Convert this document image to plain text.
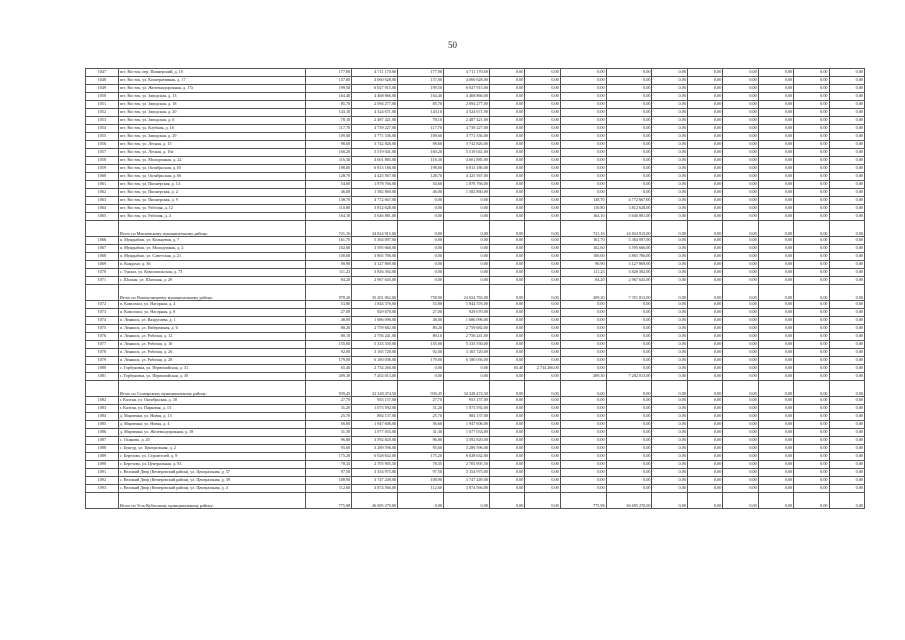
50
1047	пгт. Восток, пер. Пионерский, д. 10	177,00	4 711 170,60	177,00	4 711 170,60	0,00	0,00	0,00	0,00	0,00	0,00	0,00	0,00	0,00	0,00
1048	пгт. Восток, ул. Кооперативная, д. 17	157,00	4 060 628,00	157,00	4 060 628,00	0,00	0,00	0,00	0,00	0,00	0,00	0,00	0,00	0,00	0,00
1049	пгт. Восток, ул. Железнодорожная, д. 17а	199,50	6 027 915,00	199,50	6 027 915,00	0,00	0,00	0,00	0,00	0,00	0,00	0,00	0,00	0,00	0,00
1050	пгт. Восток, ул. Заводская, д. 13	164,40	4 468 866,00	164,40	4 468 866,00	0,00	0,00	0,00	0,00	0,00	0,00	0,00	0,00	0,00	0,00
1051	пгт. Восток, ул. Заводская, д. 18	85,70	2 094 277,00	85,70	2 094 277,00	0,00	0,00	0,00	0,00	0,00	0,00	0,00	0,00	0,00	0,00
1052	пгт. Восток, ул. Заводская, д. 20	143,10	4 524 671,00	143,10	4 524 671,00	0,00	0,00	0,00	0,00	0,00	0,00	0,00	0,00	0,00	0,00
1053	пгт. Восток, ул. Заводская, д. 6	78,10	2 487 421,00	78,10	2 487 421,00	0,00	0,00	0,00	0,00	0,00	0,00	0,00	0,00	0,00	0,00
1054	пгт. Восток, ул. Клубная, д. 16	117,70	4 739 227,00	117,70	4 739 227,00	0,00	0,00	0,00	0,00	0,00	0,00	0,00	0,00	0,00	0,00
1055	пгт. Восток, ул. Заводская, д. 29	109,60	3 771 336,00	109,60	3 771 336,00	0,00	0,00	0,00	0,00	0,00	0,00	0,00	0,00	0,00	0,00
1056	пгт. Восток, ул. Лесная, д. 15	98,60	3 742 826,00	98,60	3 742 826,00	0,00	0,00	0,00	0,00	0,00	0,00	0,00	0,00	0,00	0,00
1057	пгт. Восток, ул. Лесная, д. 16а	160,20	5 519 041,00	160,20	5 519 041,00	0,00	0,00	0,00	0,00	0,00	0,00	0,00	0,00	0,00	0,00
1058	пгт. Восток, ул. Молодежная, д. 22	116,30	4 601 885,00	116,30	4 601 885,00	0,00	0,00	0,00	0,00	0,00	0,00	0,00	0,00	0,00	0,00
1059	пгт. Восток, ул. Октябрьская, д. 65	198,00	6 813 186,00	198,00	6 813 186,00	0,00	0,00	0,00	0,00	0,00	0,00	0,00	0,00	0,00	0,00
1060	пгт. Восток, ул. Октябрьская, д. 66	128,70	4 425 567,00	128,70	4 425 567,00	0,00	0,00	0,00	0,00	0,00	0,00	0,00	0,00	0,00	0,00
1061	пгт. Восток, ул. Пионерская, д. 14	54,60	1 878 766,00	54,60	1 878 766,00	0,00	0,00	0,00	0,00	0,00	0,00	0,00	0,00	0,00	0,00
1062	пгт. Восток, ул. Пионерская, д. 2	46,00	1 582 860,00	46,00	1 582 860,00	0,00	0,00	0,00	0,00	0,00	0,00	0,00	0,00	0,00	0,00
1063	пгт. Восток, ул. Пионерская, д. 9	138,70	4 772 667,00	0,00	0,00	0,00	0,00	138,70	4 772 667,00	0,00	0,00	0,00	0,00	0,00	0,00
1064	пгт. Восток, ул. Рабочая, д. 12	110,80	3 812 628,00	0,00	0,00	0,00	0,00	110,80	3 812 628,00	0,00	0,00	0,00	0,00	0,00	0,00
1065	пгт. Восток, ул. Рабочая, д. 4	164,10	5 646 881,00	0,00	0,00	0,00	0,00	164,10	5 646 881,00	0,00	0,00	0,00	0,00	0,00	0,00
	Итого по Мысковскому муниципальному району:	721,16	24 824 915,00	0,00	0,00	0,00	0,00	721,16	24 824 915,00	0,00	0,00	0,00	0,00	0,00	0,00
1066	п. Мундыбаш, ул. Кольцевая, д. 7	161,70	5 364 097,00	0,00	0,00	0,00	0,00	161,70	5 364 097,00	0,00	0,00	0,00	0,00	0,00	0,00
1067	п. Мундыбаш, ул. Молодежная, д. 2	102,60	3 595 666,00	0,00	0,00	0,00	0,00	102,60	3 595 666,00	0,00	0,00	0,00	0,00	0,00	0,00
1068	п. Мундыбаш, ул. Советская, д. 21	100,60	3 865 786,00	0,00	0,00	0,00	0,00	100,60	3 865 786,00	0,00	0,00	0,00	0,00	0,00	0,00
1069	п. Кондомо, д. 36	90,90	3 127 869,00	0,00	0,00	0,00	0,00	90,90	3 127 869,00	0,00	0,00	0,00	0,00	0,00	0,00
1070	с. Тунзал, ул. Комсомольская, д. 73	111,23	3 826 392,00	0,00	0,00	0,00	0,00	111,23	3 826 392,00	0,00	0,00	0,00	0,00	0,00	0,00
1071	с. Шалым, ул. Шахтная, д. 29	84,20	2 967 645,00	0,00	0,00	0,00	0,00	84,20	2 967 645,00	0,00	0,00	0,00	0,00	0,00	0,00
	Итого по Новокузнецкому муниципальному району:	978,20	35 201 062,00	758,90	24 654 765,00	0,00	0,00	209,30	7 351 813,00	0,00	0,00	0,00	0,00	0,00	0,00
1072	п. Комсомол, ул. Нагорная, д. 4	53,80	1 844 376,00	53,80	1 844 376,00	0,00	0,00	0,00	0,00	0,00	0,00	0,00	0,00	0,00	0,00
1073	п. Комсомол, ул. Нагорная, д. 8	27,00	929 670,00	27,00	929 670,00	0,00	0,00	0,00	0,00	0,00	0,00	0,00	0,00	0,00	0,00
1074	п. Ленинск, ул. Вахрушева, д. 1	48,00	1 686 096,00	48,00	1 686 096,00	0,00	0,00	0,00	0,00	0,00	0,00	0,00	0,00	0,00	0,00
1075	п. Ленинск, ул. Набережная, д. 6	80,20	2 759 682,00	80,20	2 759 682,00	0,00	0,00	0,00	0,00	0,00	0,00	0,00	0,00	0,00	0,00
1076	п. Ленинск, ул. Рабочая, д. 12	80,10	2 756 241,00	80,10	2 756 241,00	0,00	0,00	0,00	0,00	0,00	0,00	0,00	0,00	0,00	0,00
1077	п. Ленинск, ул. Рабочая, д. 10	155,00	5 333 550,00	155,00	5 333 550,00	0,00	0,00	0,00	0,00	0,00	0,00	0,00	0,00	0,00	0,00
1078	п. Ленинск, ул. Рабочая, д. 26	92,00	3 165 720,00	92,00	3 165 720,00	0,00	0,00	0,00	0,00	0,00	0,00	0,00	0,00	0,00	0,00
1079	п. Ленинск, ул. Рабочая, д. 28	179,00	6 180 036,00	179,00	6 180 036,00	0,00	0,00	0,00	0,00	0,00	0,00	0,00	0,00	0,00	0,00
1080	с. Горбуновка, ул. Первомайская, д. 31	65,40	2 734 266,00	0,00	0,00	65,40	2 734 266,00	0,00	0,00	0,00	0,00	0,00	0,00	0,00	0,00
1081	с. Горбуновка, ул. Первомайская, д. 30	209,30	7 202 013,00	0,00	0,00	0,00	0,00	209,30	7 202 013,00	0,00	0,00	0,00	0,00	0,00	0,00
	Итого по Салаирскому муниципальному району:	939,45	32 328 474,50	939,45	32 328 474,50	0,00	0,00	0,00	0,00	0,00	0,00	0,00	0,00	0,00	0,00
1082	г. Калтан, ул. Октябрьская, д. 30	27,70	953 157,00	27,70	953 157,00	0,00	0,00	0,00	0,00	0,00	0,00	0,00	0,00	0,00	0,00
1083	г. Калтан, ул. Парковая, д. 13	31,20	1 073 592,00	31,20	1 073 592,00	0,00	0,00	0,00	0,00	0,00	0,00	0,00	0,00	0,00	0,00
1084	д. Марченки, ул. Новая, д. 13	25,70	884 137,00	25,70	884 137,00	0,00	0,00	0,00	0,00	0,00	0,00	0,00	0,00	0,00	0,00
1085	д. Марченки, ул. Новая, д. 4	56,60	1 947 606,00	56,60	1 947 606,00	0,00	0,00	0,00	0,00	0,00	0,00	0,00	0,00	0,00	0,00
1086	д. Марченки, ул. Железнодорожная, д. 18	31,30	1 077 033,00	31,30	1 077 033,00	0,00	0,00	0,00	0,00	0,00	0,00	0,00	0,00	0,00	0,00
1087	с. Осиново, д. 20	96,80	3 592 820,00	96,80	3 592 820,00	0,00	0,00	0,00	0,00	0,00	0,00	0,00	0,00	0,00	0,00
1088	с. Бунгур, ул. Центральная, д. 2	95,60	3 289 596,00	95,60	3 289 596,00	0,00	0,00	0,00	0,00	0,00	0,00	0,00	0,00	0,00	0,00
1089	с. Березово, ул. Строителей, д. 9	175,20	6 028 632,00	175,20	6 028 632,00	0,00	0,00	0,00	0,00	0,00	0,00	0,00	0,00	0,00	0,00
1090	с. Березово, ул. Центральная, д. 83	78,35	2 705 905,50	78,35	2 705 905,50	0,00	0,00	0,00	0,00	0,00	0,00	0,00	0,00	0,00	0,00
1091	с. Великий Двор (Кемеровский район), ул. Центральная, д. 37	97,50	3 354 975,00	97,50	3 354 975,00	0,00	0,00	0,00	0,00	0,00	0,00	0,00	0,00	0,00	0,00
1092	с. Великий Двор (Кемеровский район), ул. Центральная, д. 39	108,90	3 747 249,00	108,90	3 747 249,00	0,00	0,00	0,00	0,00	0,00	0,00	0,00	0,00	0,00	0,00
1093	с. Великий Двор (Кемеровский район), ул. Центральная, д. 4	112,60	3 874 566,00	112,60	3 874 566,00	0,00	0,00	0,00	0,00	0,00	0,00	0,00	0,00	0,00	0,00
	Итого по Усть-Кубасскому муниципальному району:	775,98	26 695 270,00	0,00	0,00	0,00	0,00	775,98	26 695 270,00	0,00	0,00	0,00	0,00	0,00	0,00
